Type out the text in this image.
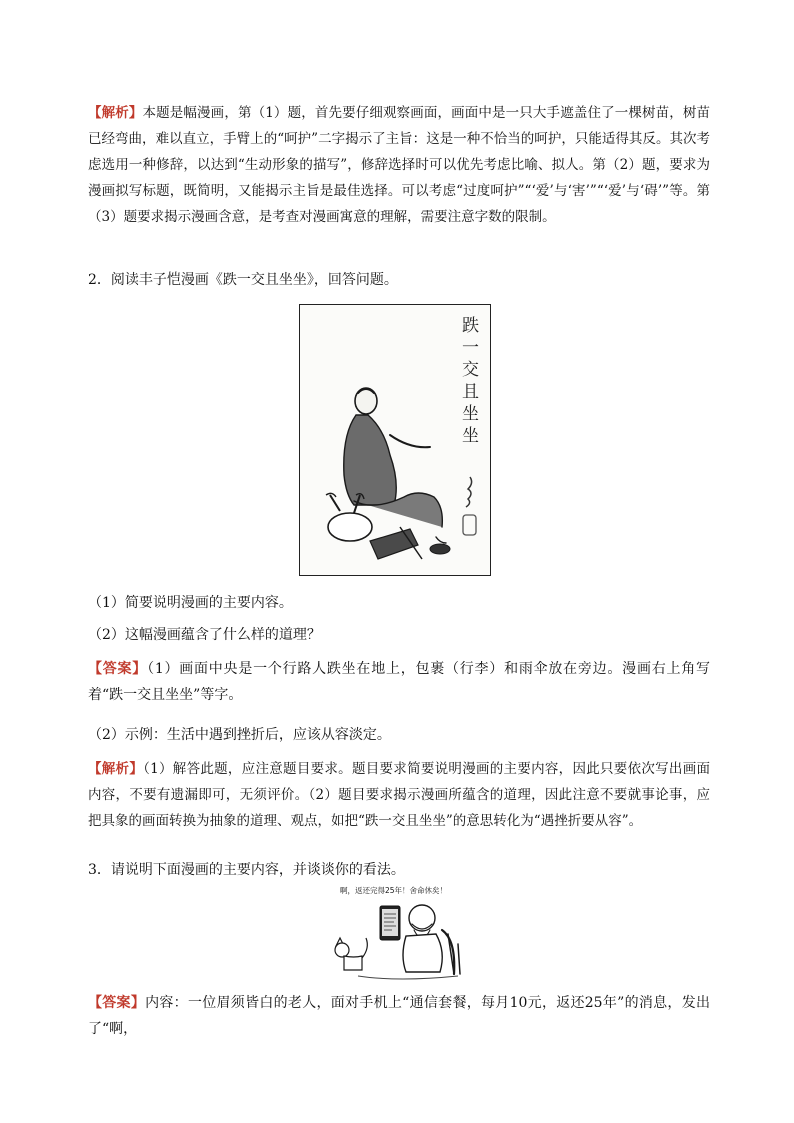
【解析】本题是幅漫画，第（1）题，首先要仔细观察画面，画面中是一只大手遮盖住了一棵树苗，树苗已经弯曲，难以直立，手臂上的“呵护”二字揭示了主旨：这是一种不恰当的呵护，只能适得其反。其次考虑选用一种修辞，以达到“生动形象的描写”，修辞选择时可以优先考虑比喻、拟人。第（2）题，要求为漫画拟写标题，既简明，又能揭示主旨是最佳选择。可以考虑“过度呵护”“‘爱’与‘害’”“‘爱’与‘碍’”等。第（3）题要求揭示漫画含意，是考查对漫画寓意的理解，需要注意字数的限制。
2．阅读丰子恺漫画《跌一交且坐坐》，回答问题。
跌
一
交
且
坐
坐
（1）简要说明漫画的主要内容。
（2）这幅漫画蕴含了什么样的道理？
【答案】（1）画面中央是一个行路人跌坐在地上，包裹（行李）和雨伞放在旁边。漫画右上角写着“跌一交且坐坐”等字。
（2）示例：生活中遇到挫折后，应该从容淡定。
【解析】（1）解答此题，应注意题目要求。题目要求简要说明漫画的主要内容，因此只要依次写出画面内容，不要有遗漏即可，无须评价。（2）题目要求揭示漫画所蕴含的道理，因此注意不要就事论事，应把具象的画面转换为抽象的道理、观点，如把“跌一交且坐坐”的意思转化为“遇挫折要从容”。
3．请说明下面漫画的主要内容，并谈谈你的看法。
啊，返还完得25年！舍命休矣！
【答案】内容：一位眉须皆白的老人，面对手机上“通信套餐，每月10元，返还25年”的消息，发出了“啊，
